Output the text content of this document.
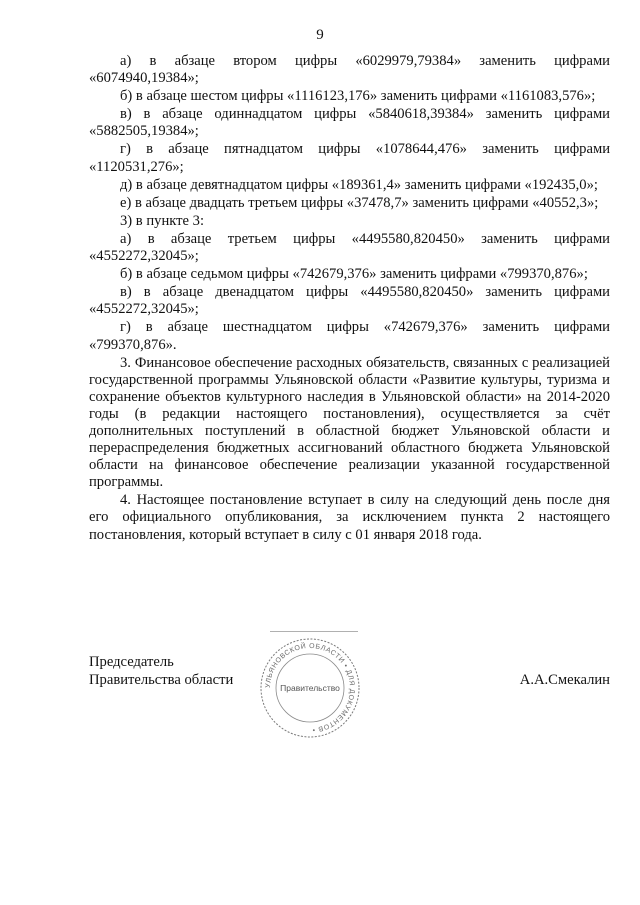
9

а) в абзаце втором цифры «6029979,79384» заменить цифрами «6074940,19384»;

б) в абзаце шестом цифры «1116123,176» заменить цифрами «1161083,576»;

в) в абзаце одиннадцатом цифры «5840618,39384» заменить цифрами «5882505,19384»;

г) в абзаце пятнадцатом цифры «1078644,476» заменить цифрами «1120531,276»;

д) в абзаце девятнадцатом цифры «189361,4» заменить цифрами «192435,0»;

е) в абзаце двадцать третьем цифры «37478,7» заменить цифрами «40552,3»;

3) в пункте 3:

а) в абзаце третьем цифры «4495580,820450» заменить цифрами «4552272,32045»;

б) в абзаце седьмом цифры «742679,376» заменить цифрами «799370,876»;

в) в абзаце двенадцатом цифры «4495580,820450» заменить цифрами «4552272,32045»;

г) в абзаце шестнадцатом цифры «742679,376» заменить цифрами «799370,876».

3. Финансовое обеспечение расходных обязательств, связанных с реализацией государственной программы Ульяновской области «Развитие культуры, туризма и сохранение объектов культурного наследия в Ульяновской области» на 2014-2020 годы (в редакции настоящего постановления), осуществляется за счёт дополнительных поступлений в областной бюджет Ульяновской области и перераспределения бюджетных ассигнований областного бюджета Ульяновской области на финансовое обеспечение реализации указанной государственной программы.

4. Настоящее постановление вступает в силу на следующий день после дня его официального опубликования, за исключением пункта 2 настоящего постановления, который вступает в силу с 01 января 2018 года.

УЛЬЯНОВСКОЙ ОБЛАСТИ • ДЛЯ ДОКУМЕНТОВ •
Правительство
Председатель
Правительства области	А.А.Смекалин
